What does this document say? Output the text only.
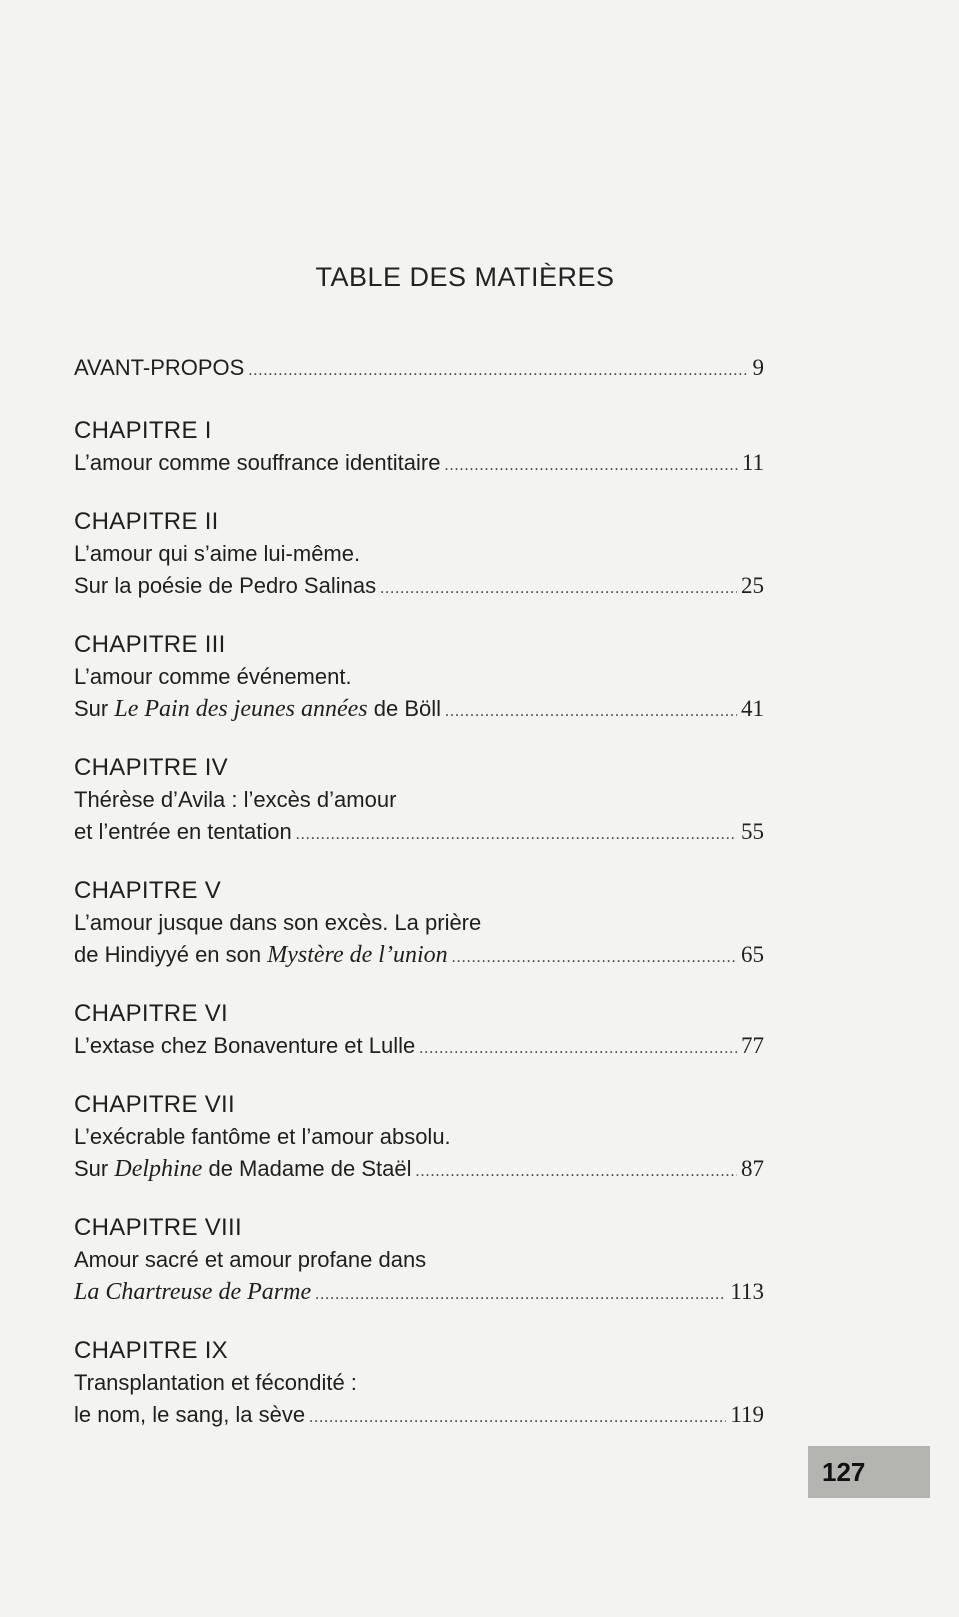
TABLE DES MATIÈRES
AVANT-PROPOS .....	9
CHAPITRE I
L’amour comme souffrance identitaire .....	11
CHAPITRE II
L’amour qui s’aime lui-même.
Sur la poésie de Pedro Salinas .....	25
CHAPITRE III
L’amour comme événement.
Sur Le Pain des jeunes années de Böll .....	41
CHAPITRE IV
Thérèse d’Avila : l’excès d’amour
et l’entrée en tentation .....	55
CHAPITRE V
L’amour jusque dans son excès. La prière
de Hindiyyé en son Mystère de l’union .....	65
CHAPITRE VI
L’extase chez Bonaventure et Lulle .....	77
CHAPITRE VII
L’exécrable fantôme et l’amour absolu.
Sur Delphine de Madame de Staël .....	87
CHAPITRE VIII
Amour sacré et amour profane dans
La Chartreuse de Parme .....	113
CHAPITRE IX
Transplantation et fécondité :
le nom, le sang, la sève .....	119
127
